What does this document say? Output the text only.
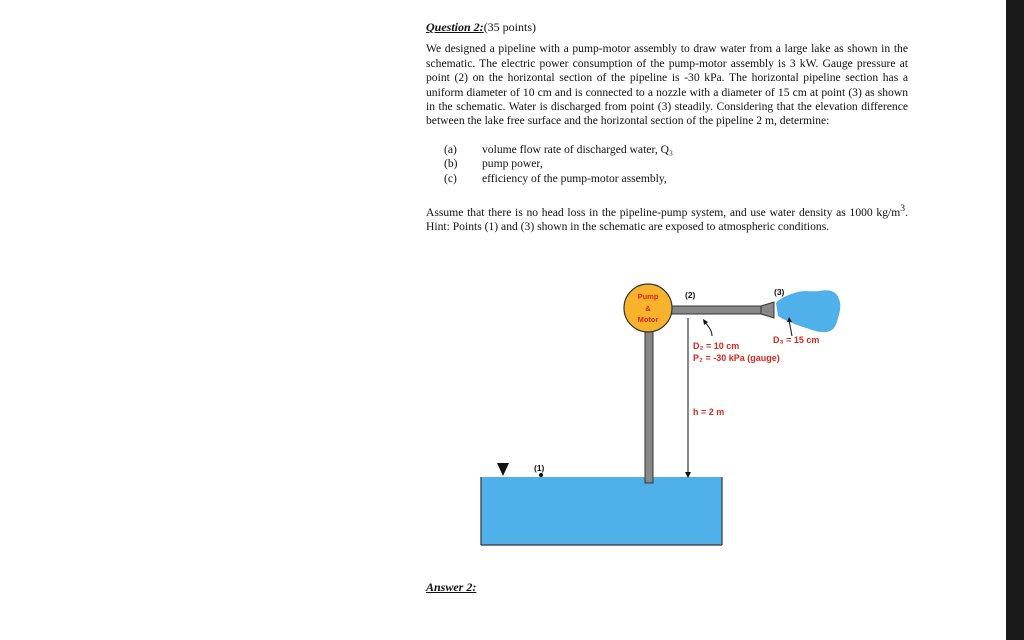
Question 2:(35 points)

We designed a pipeline with a pump-motor assembly to draw water from a large lake as shown in the schematic. The electric power consumption of the pump-motor assembly is 3 kW. Gauge pressure at point (2) on the horizontal section of the pipeline is -30 kPa. The horizontal pipeline section has a uniform diameter of 10 cm and is connected to a nozzle with a diameter of 15 cm at point (3) as shown in the schematic. Water is discharged from point (3) steadily. Considering that the elevation difference between the lake free surface and the horizontal section of the pipeline 2 m, determine:

(a)	volume flow rate of discharged water, Q₃
(b)	pump power,
(c)	efficiency of the pump-motor assembly,

Assume that there is no head loss in the pipeline-pump system, and use water density as 1000 $kg/m^3$. Hint: Points (1) and (3) shown in the schematic are exposed to atmospheric conditions.

(1)
Pump
&
Motor
(2)	(3)
D₂ = 10 cm
P₂ = -30 kPa (gauge)
D₃ = 15 cm
h = 2 m
Answer 2:
